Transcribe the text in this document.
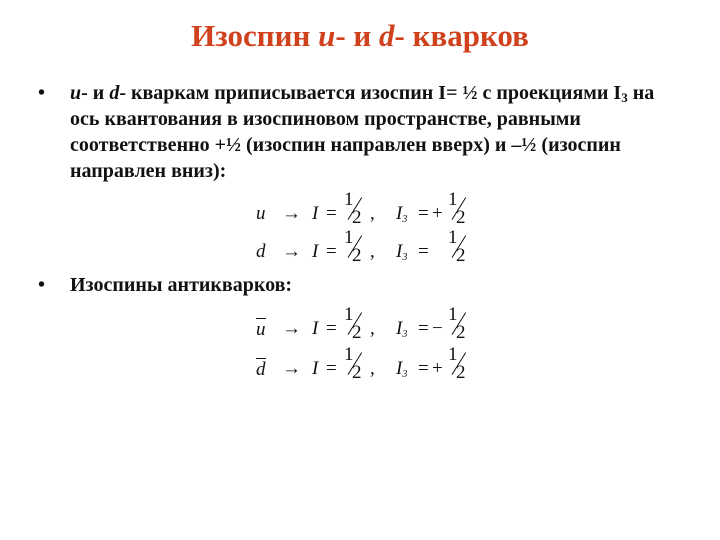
Изоспин u- и d- кварков
• u- и d- кваркам приписывается изоспин I= ½ с проекциями $I_3$ на ось квантования в изоспиновом пространстве, равными соответственно +½ (изоспин направлен вверх) и –½ (изоспин направлен вниз):
u → I =
1
2 , I3 = +
1
2
d → I =
1
2 , I3 =
1
2
• Изоспины антикварков:
u → I =
1
2 , I3 = −
1
2
d → I =
1
2 , I3 = +
1
2
